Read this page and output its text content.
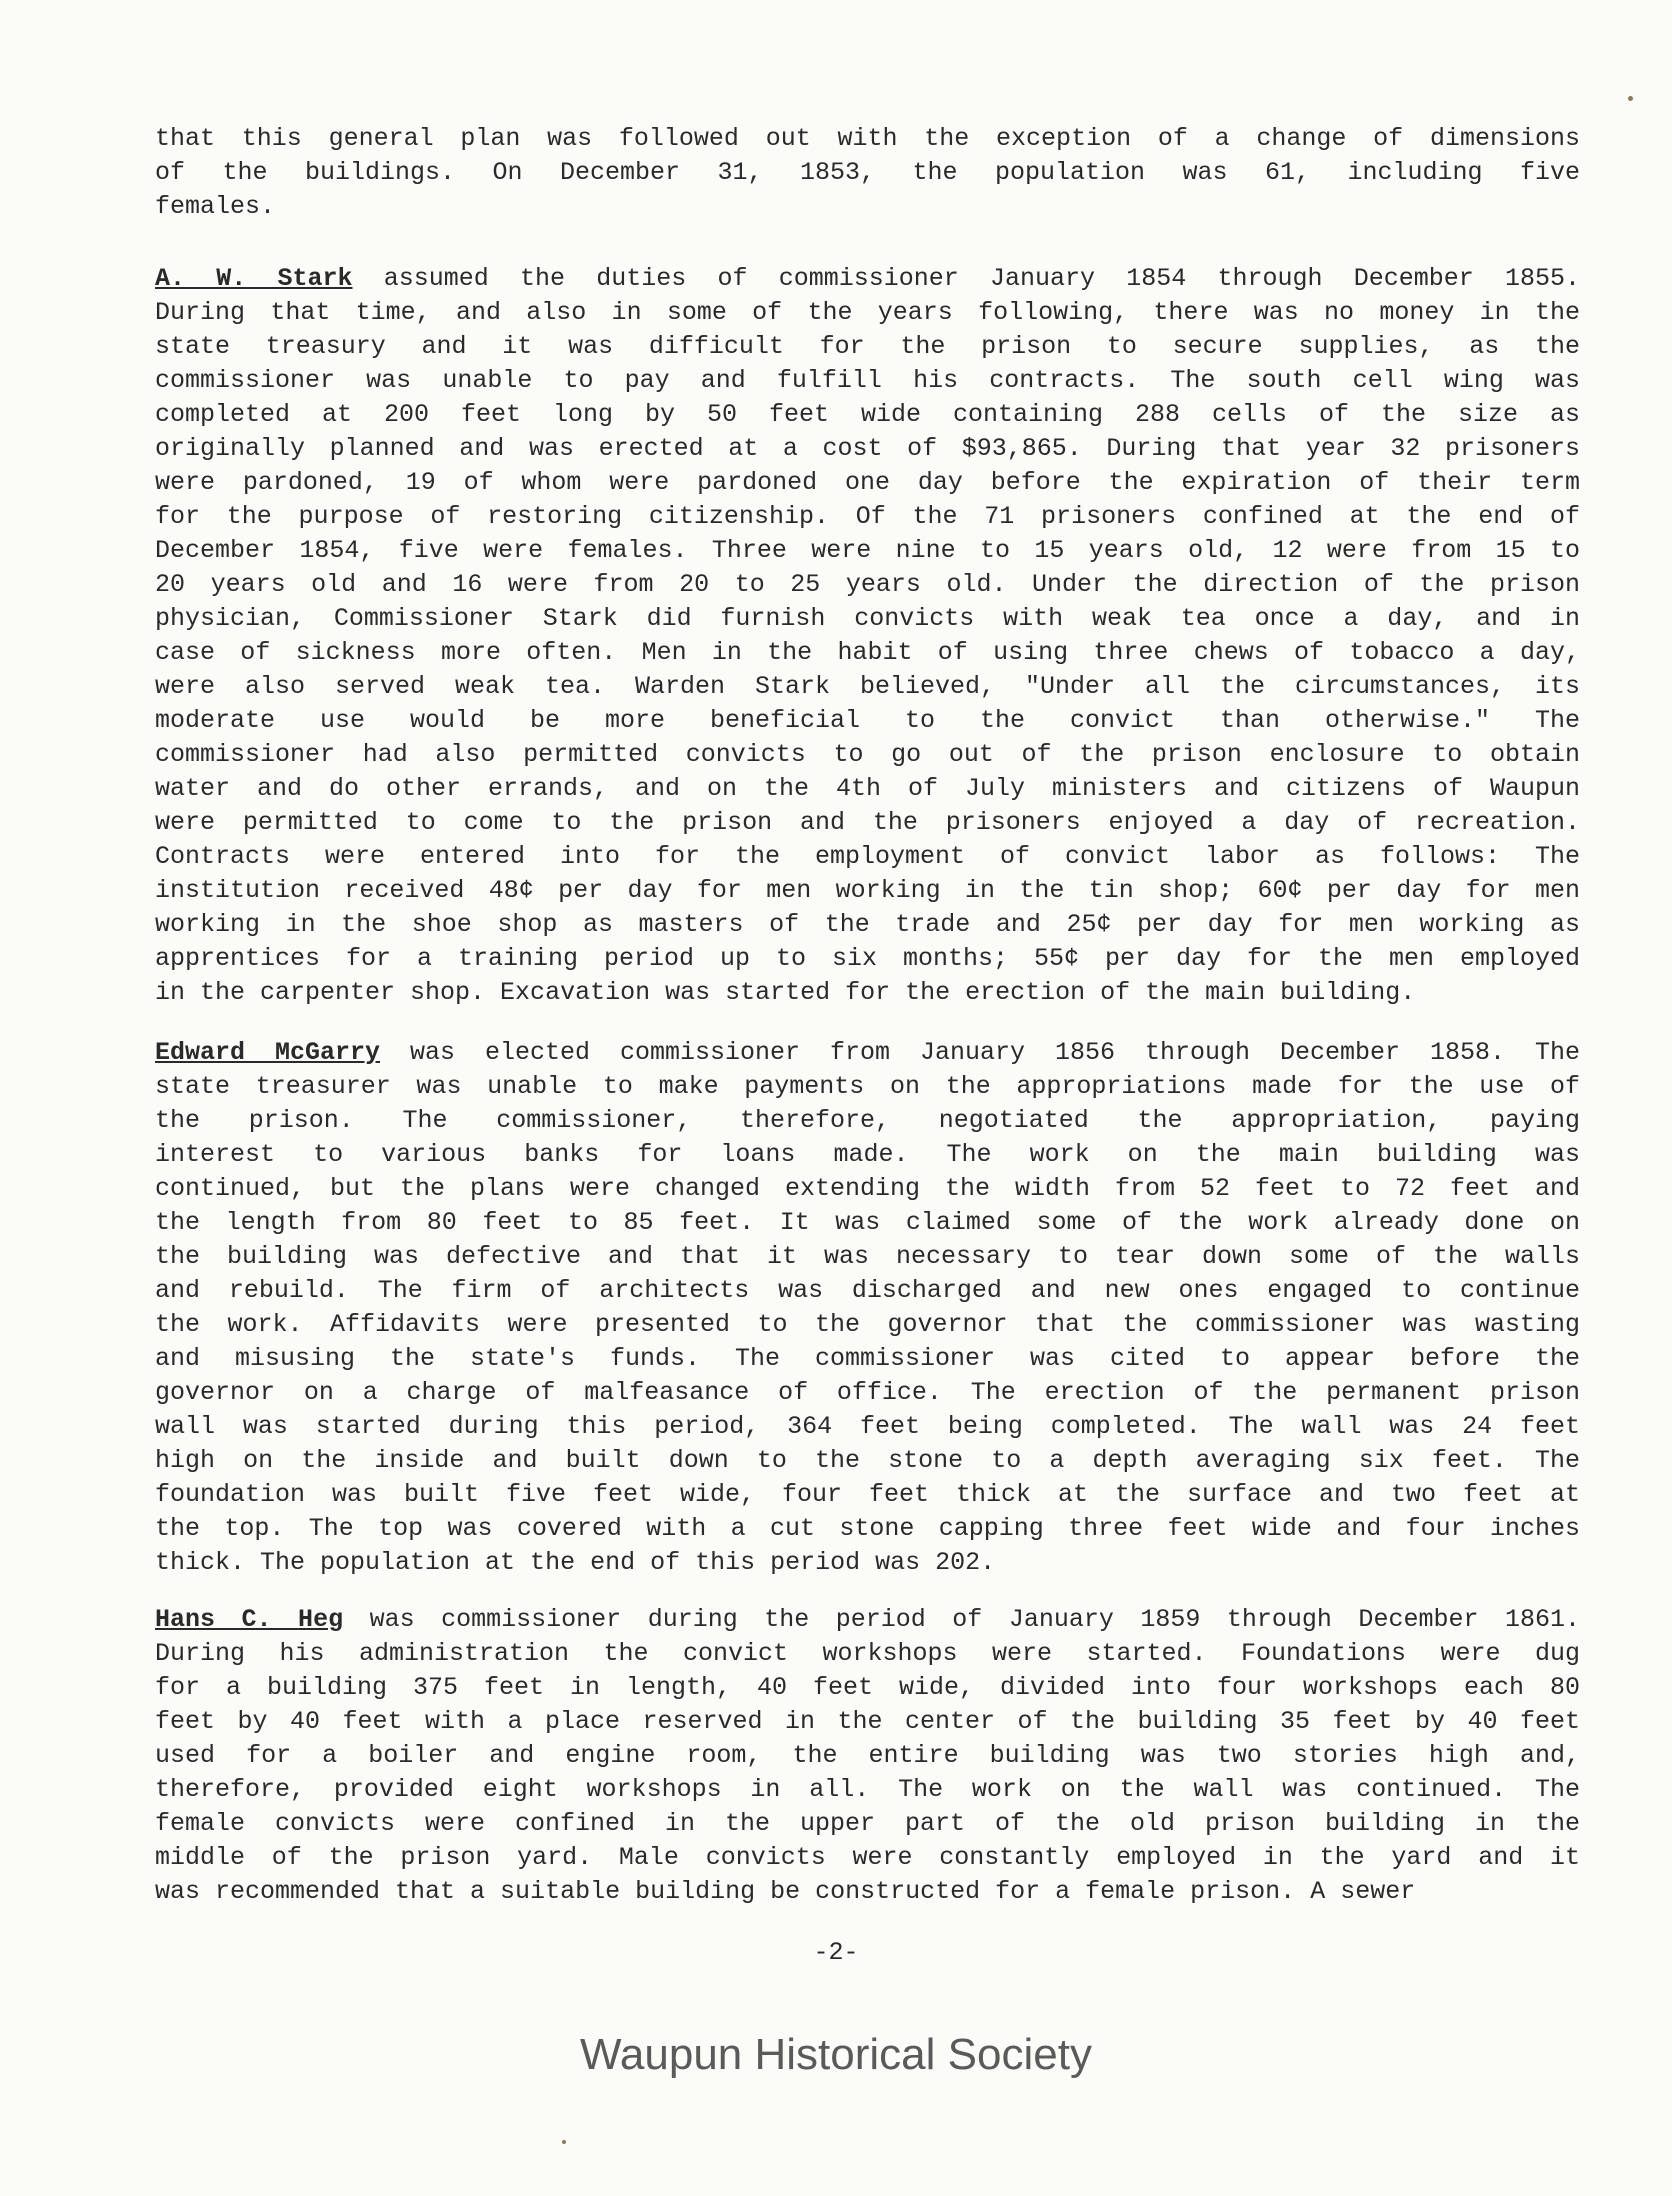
that this general plan was followed out with the exception of a change of dimensions
of the buildings. On December 31, 1853, the population was 61, including five
females.
A. W. Stark assumed the duties of commissioner January 1854 through December 1855.
During that time, and also in some of the years following, there was no money in the
state treasury and it was difficult for the prison to secure supplies, as the
commissioner was unable to pay and fulfill his contracts. The south cell wing was
completed at 200 feet long by 50 feet wide containing 288 cells of the size as
originally planned and was erected at a cost of $93,865. During that year 32 prisoners
were pardoned, 19 of whom were pardoned one day before the expiration of their term
for the purpose of restoring citizenship. Of the 71 prisoners confined at the end of
December 1854, five were females. Three were nine to 15 years old, 12 were from 15 to
20 years old and 16 were from 20 to 25 years old. Under the direction of the prison
physician, Commissioner Stark did furnish convicts with weak tea once a day, and in
case of sickness more often. Men in the habit of using three chews of tobacco a day,
were also served weak tea. Warden Stark believed, "Under all the circumstances, its
moderate use would be more beneficial to the convict than otherwise." The
commissioner had also permitted convicts to go out of the prison enclosure to obtain
water and do other errands, and on the 4th of July ministers and citizens of Waupun
were permitted to come to the prison and the prisoners enjoyed a day of recreation.
Contracts were entered into for the employment of convict labor as follows: The
institution received 48¢ per day for men working in the tin shop; 60¢ per day for men
working in the shoe shop as masters of the trade and 25¢ per day for men working as
apprentices for a training period up to six months; 55¢ per day for the men employed
in the carpenter shop. Excavation was started for the erection of the main building.
Edward McGarry was elected commissioner from January 1856 through December 1858. The
state treasurer was unable to make payments on the appropriations made for the use of
the prison. The commissioner, therefore, negotiated the appropriation, paying
interest to various banks for loans made. The work on the main building was
continued, but the plans were changed extending the width from 52 feet to 72 feet and
the length from 80 feet to 85 feet. It was claimed some of the work already done on
the building was defective and that it was necessary to tear down some of the walls
and rebuild. The firm of architects was discharged and new ones engaged to continue
the work. Affidavits were presented to the governor that the commissioner was wasting
and misusing the state's funds. The commissioner was cited to appear before the
governor on a charge of malfeasance of office. The erection of the permanent prison
wall was started during this period, 364 feet being completed. The wall was 24 feet
high on the inside and built down to the stone to a depth averaging six feet. The
foundation was built five feet wide, four feet thick at the surface and two feet at
the top. The top was covered with a cut stone capping three feet wide and four inches
thick. The population at the end of this period was 202.
Hans C. Heg was commissioner during the period of January 1859 through December 1861.
During his administration the convict workshops were started. Foundations were dug
for a building 375 feet in length, 40 feet wide, divided into four workshops each 80
feet by 40 feet with a place reserved in the center of the building 35 feet by 40 feet
used for a boiler and engine room, the entire building was two stories high and,
therefore, provided eight workshops in all. The work on the wall was continued. The
female convicts were confined in the upper part of the old prison building in the
middle of the prison yard. Male convicts were constantly employed in the yard and it
was recommended that a suitable building be constructed for a female prison. A sewer
-2-
Waupun Historical Society
